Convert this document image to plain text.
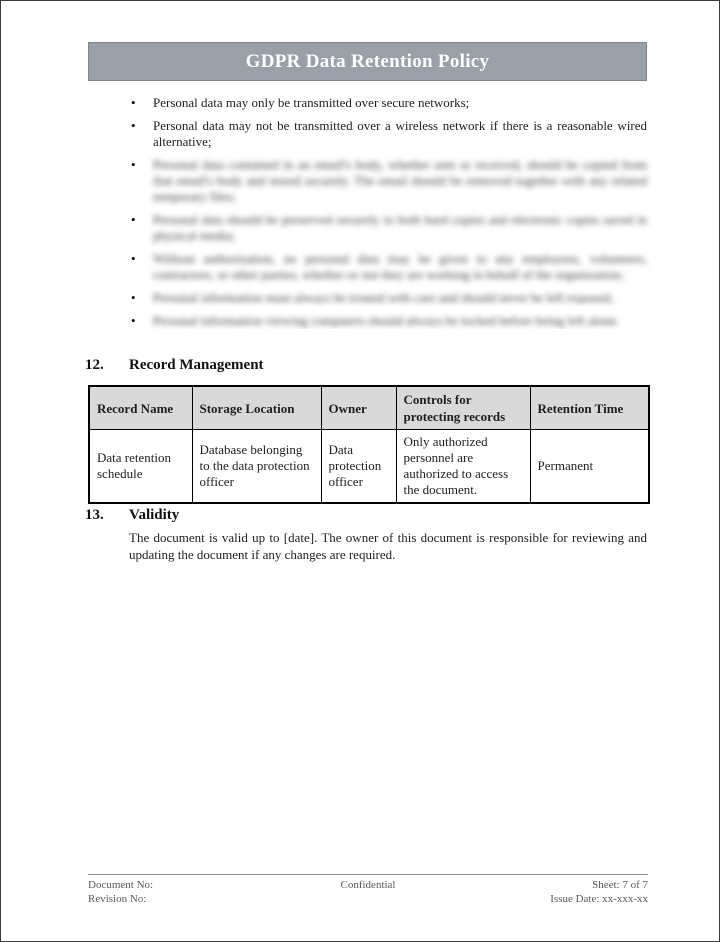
GDPR Data Retention Policy
•	Personal data may only be transmitted over secure networks;
•	Personal data may not be transmitted over a wireless network if there is a reasonable wired alternative;
•	Personal data contained in an email's body, whether sent or received, should be copied from that email's body and stored securely. The email should be removed together with any related temporary files;
•	Personal data should be preserved securely in both hard copies and electronic copies saved in physical media;
•	Without authorization, no personal data may be given to any employees, volunteers, contractors, or other parties, whether or not they are working in behalf of the organization;
•	Personal information must always be treated with care and should never be left exposed;
•	Personal information viewing computers should always be locked before being left alone.
12.	Record Management
Record Name	Storage Location	Owner	Controls for protecting records	Retention Time
Data retention schedule	Database belonging to the data protection officer	Data protection officer	Only authorized personnel are authorized to access the document.	Permanent
13.	Validity
The document is valid up to [date]. The owner of this document is responsible for reviewing and updating the document if any changes are required.
Document No:
Revision No:
Confidential	Sheet: 7 of 7
Issue Date: xx-xxx-xx
